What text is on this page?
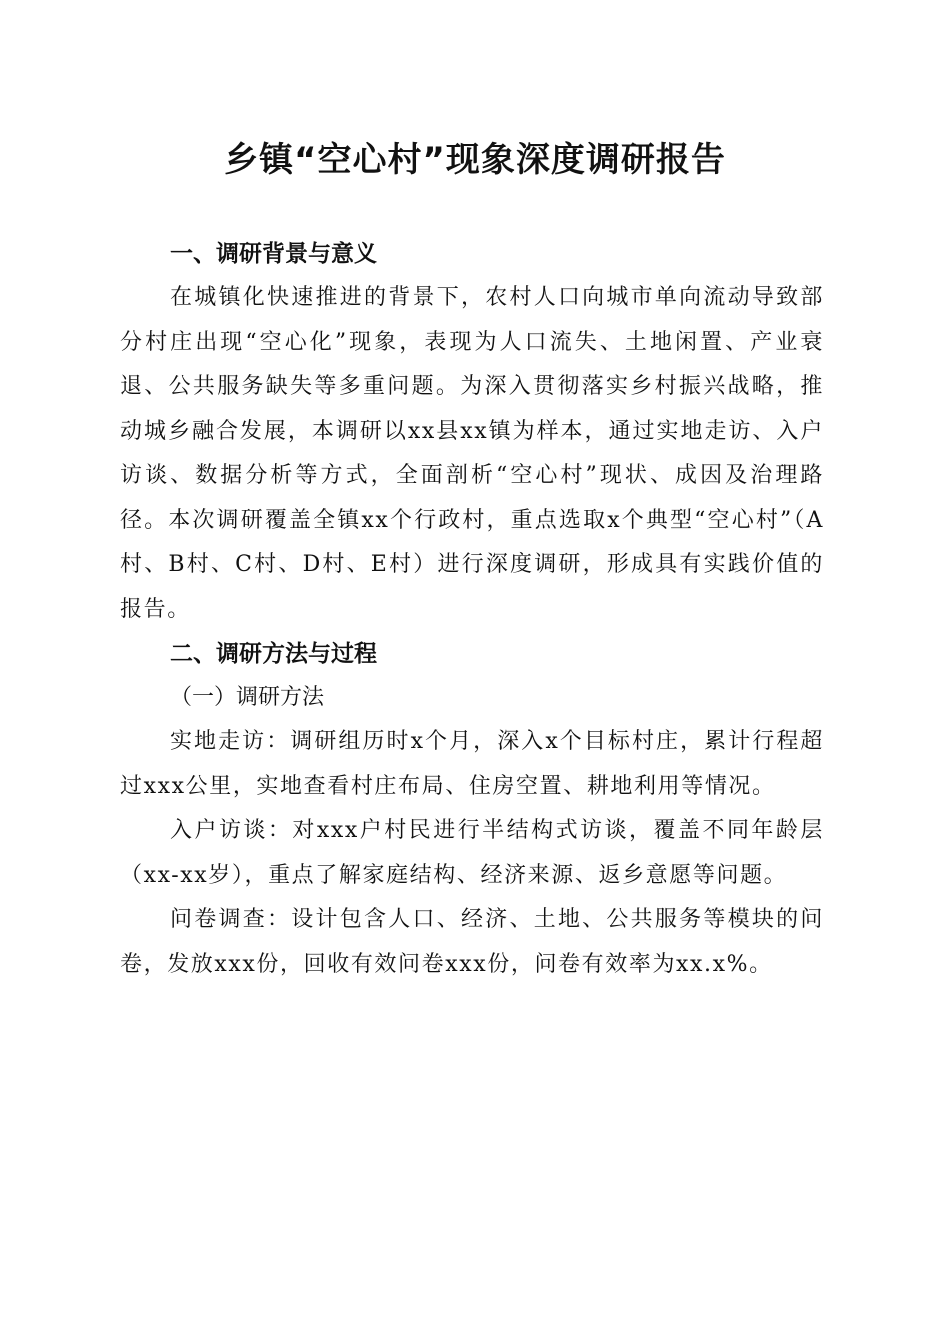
乡镇“空心村”现象深度调研报告
一、调研背景与意义

在城镇化快速推进的背景下，农村人口向城市单向流动导致部分村庄出现“空心化”现象，表现为人口流失、土地闲置、产业衰退、公共服务缺失等多重问题。为深入贯彻落实乡村振兴战略，推动城乡融合发展，本调研以xx县xx镇为样本，通过实地走访、入户访谈、数据分析等方式，全面剖析“空心村”现状、成因及治理路径。本次调研覆盖全镇xx个行政村，重点选取x个典型“空心村”（A村、B村、C村、D村、E村）进行深度调研，形成具有实践价值的报告。

二、调研方法与过程
（一）调研方法

实地走访：调研组历时x个月，深入x个目标村庄，累计行程超过xxx公里，实地查看村庄布局、住房空置、耕地利用等情况。

入户访谈：对xxx户村民进行半结构式访谈，覆盖不同年龄层（xx-xx岁），重点了解家庭结构、经济来源、返乡意愿等问题。

问卷调查：设计包含人口、经济、土地、公共服务等模块的问卷，发放xxx份，回收有效问卷xxx份，问卷有效率为xx.x%。
